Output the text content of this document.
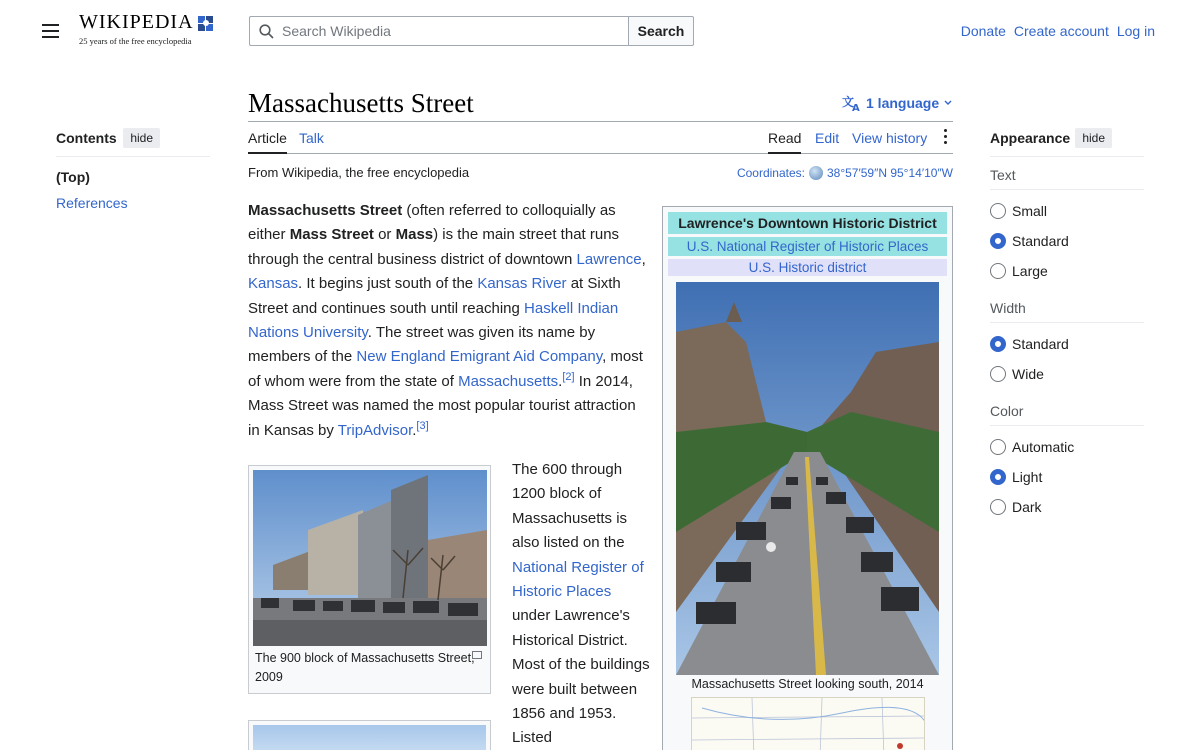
WIKIPEDIA
25 years of the free encyclopedia
Search Wikipedia
Search	Donate Create account Log in
Contents	hide
(Top)
References
Massachusetts Street	文
A 1 language
Article Talk	Read Edit View history
From Wikipedia, the free encyclopedia	Coordinates: 38°57′59″N 95°14′10″W

Massachusetts Street (often referred to colloquially as either Mass Street or Mass) is the main street that runs through the central business district of downtown Lawrence, Kansas. It begins just south of the Kansas River at Sixth Street and continues south until reaching Haskell Indian Nations University. The street was given its name by members of the New England Emigrant Aid Company, most of whom were from the state of Massachusetts.[2] In 2014, Mass Street was named the most popular tourist attraction in Kansas by TripAdvisor.[3]

The 900 block of Massachusetts Street, 2009

The 600 through 1200 block of Massachusetts is also listed on the National Register of Historic Places under Lawrence's Historical District. Most of the buildings were built between 1856 and 1953. Listed

Lawrence's Downtown Historic District
U.S. National Register of Historic Places
U.S. Historic district
Massachusetts Street looking south, 2014
Appearance	hide
Text
Small
Standard
Large
Width
Standard
Wide
Color
Automatic
Light
Dark
